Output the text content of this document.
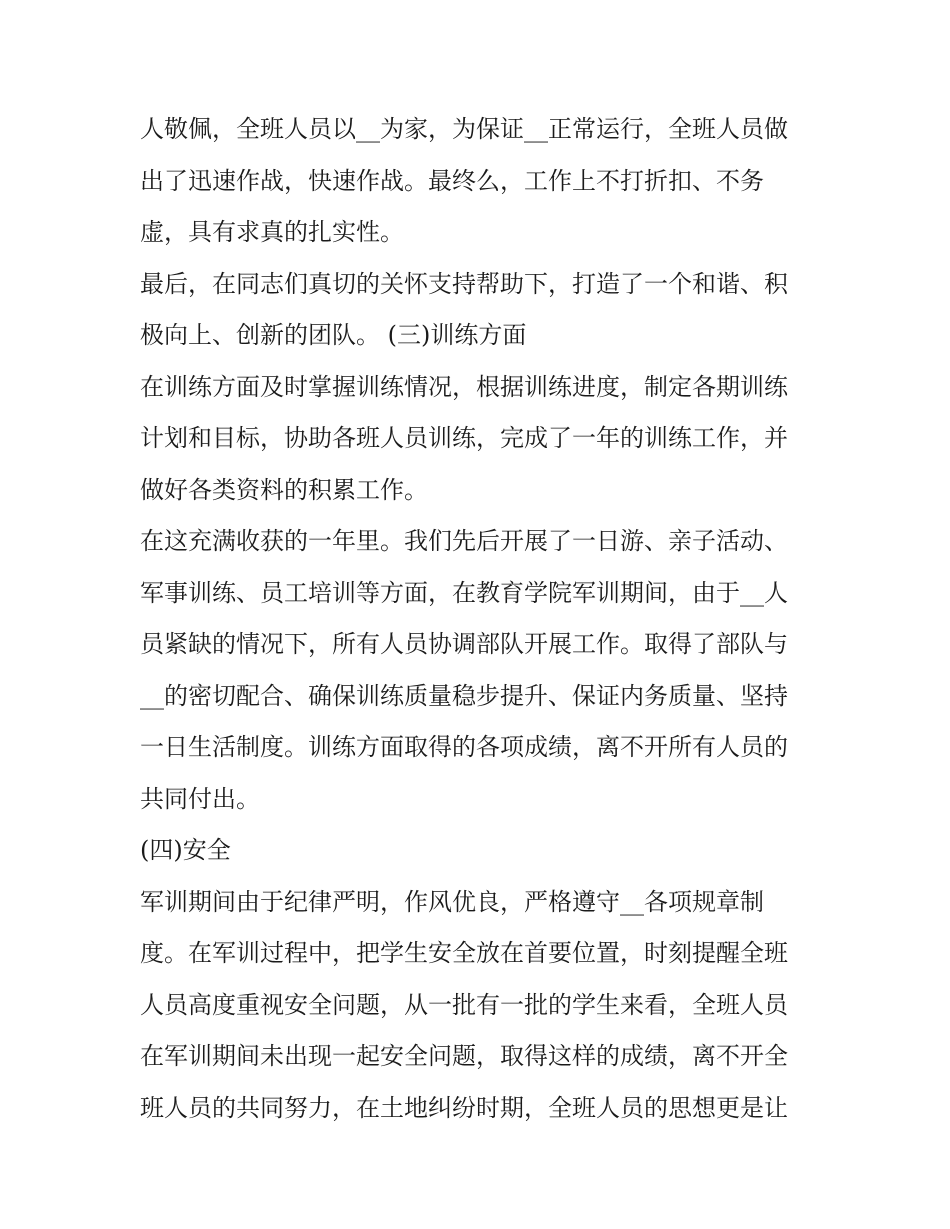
人敬佩，全班人员以__为家，为保证__正常运行，全班人员做
出了迅速作战，快速作战。最终么，工作上不打折扣、不务
虚，具有求真的扎实性。
最后，在同志们真切的关怀支持帮助下，打造了一个和谐、积
极向上、创新的团队。 (三)训练方面
在训练方面及时掌握训练情况，根据训练进度，制定各期训练
计划和目标，协助各班人员训练，完成了一年的训练工作，并
做好各类资料的积累工作。
在这充满收获的一年里。我们先后开展了一日游、亲子活动、
军事训练、员工培训等方面，在教育学院军训期间，由于__人
员紧缺的情况下，所有人员协调部队开展工作。取得了部队与
__的密切配合、确保训练质量稳步提升、保证内务质量、坚持
一日生活制度。训练方面取得的各项成绩，离不开所有人员的
共同付出。
(四)安全
军训期间由于纪律严明，作风优良，严格遵守__各项规章制
度。在军训过程中，把学生安全放在首要位置，时刻提醒全班
人员高度重视安全问题，从一批有一批的学生来看，全班人员
在军训期间未出现一起安全问题，取得这样的成绩，离不开全
班人员的共同努力，在土地纠纷时期，全班人员的思想更是让
